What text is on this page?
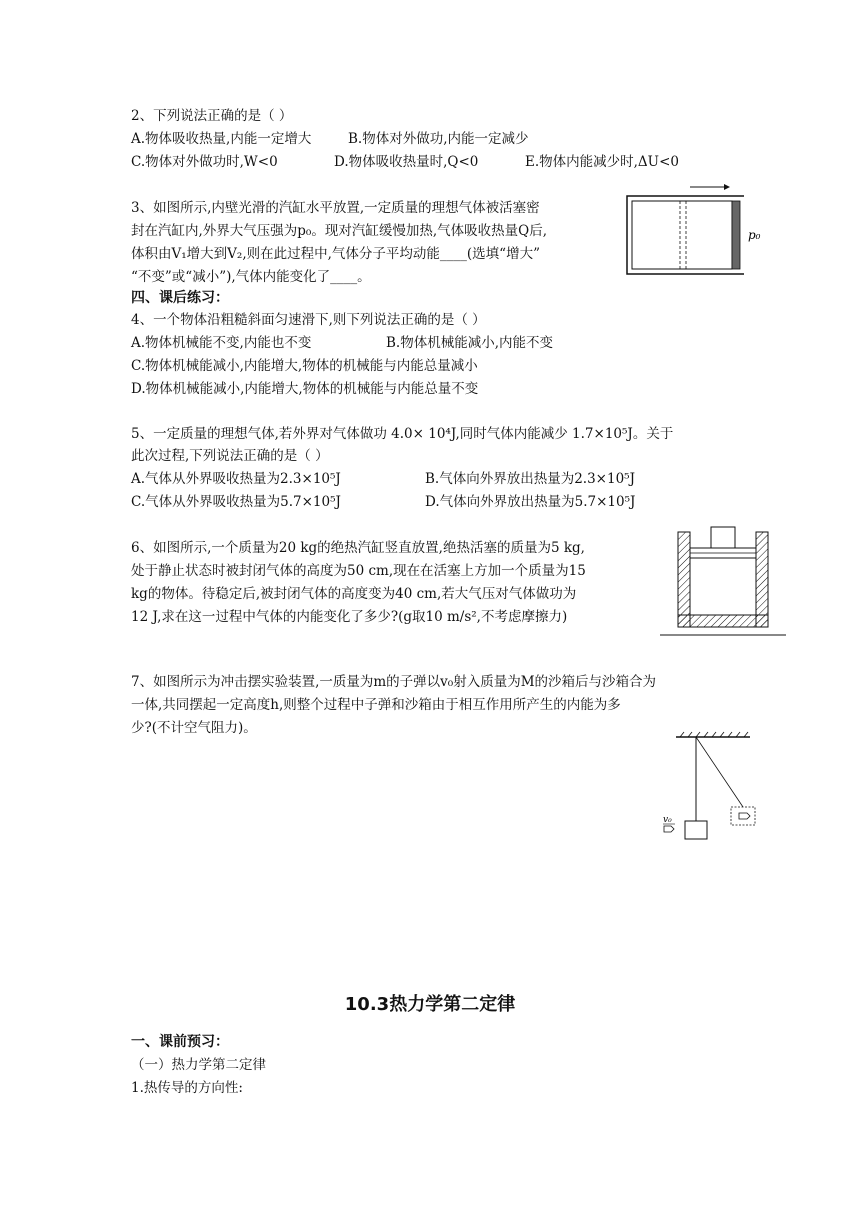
2、下列说法正确的是（ ）
A.物体吸收热量,内能一定增大	B.物体对外做功,内能一定减少
C.物体对外做功时,W<0	D.物体吸收热量时,Q<0	E.物体内能减少时,ΔU<0
3、如图所示,内壁光滑的汽缸水平放置,一定质量的理想气体被活塞密
封在汽缸内,外界大气压强为p₀。现对汽缸缓慢加热,气体吸收热量Q后,
体积由V₁增大到V₂,则在此过程中,气体分子平均动能____(选填“增大”
“不变”或“减小”),气体内能变化了____。
p₀
四、课后练习：
4、一个物体沿粗糙斜面匀速滑下,则下列说法正确的是（ ）
A.物体机械能不变,内能也不变	B.物体机械能减小,内能不变
C.物体机械能减小,内能增大,物体的机械能与内能总量减小
D.物体机械能减小,内能增大,物体的机械能与内能总量不变
5、一定质量的理想气体,若外界对气体做功 4.0× 10⁴J,同时气体内能减少 1.7×10⁵J。关于
此次过程,下列说法正确的是（ ）
A.气体从外界吸收热量为2.3×10⁵J	B.气体向外界放出热量为2.3×10⁵J
C.气体从外界吸收热量为5.7×10⁵J	D.气体向外界放出热量为5.7×10⁵J
6、如图所示,一个质量为20 kg的绝热汽缸竖直放置,绝热活塞的质量为5 kg,
处于静止状态时被封闭气体的高度为50 cm,现在在活塞上方加一个质量为15
kg的物体。待稳定后,被封闭气体的高度变为40 cm,若大气压对气体做功为
12 J,求在这一过程中气体的内能变化了多少?(g取10 m/s²,不考虑摩擦力)
7、如图所示为冲击摆实验装置,一质量为m的子弹以v₀射入质量为M的沙箱后与沙箱合为
一体,共同摆起一定高度h,则整个过程中子弹和沙箱由于相互作用所产生的内能为多
少?(不计空气阻力)。
v₀
10.3热力学第二定律
一、课前预习：
（一）热力学第二定律
1.热传导的方向性:
